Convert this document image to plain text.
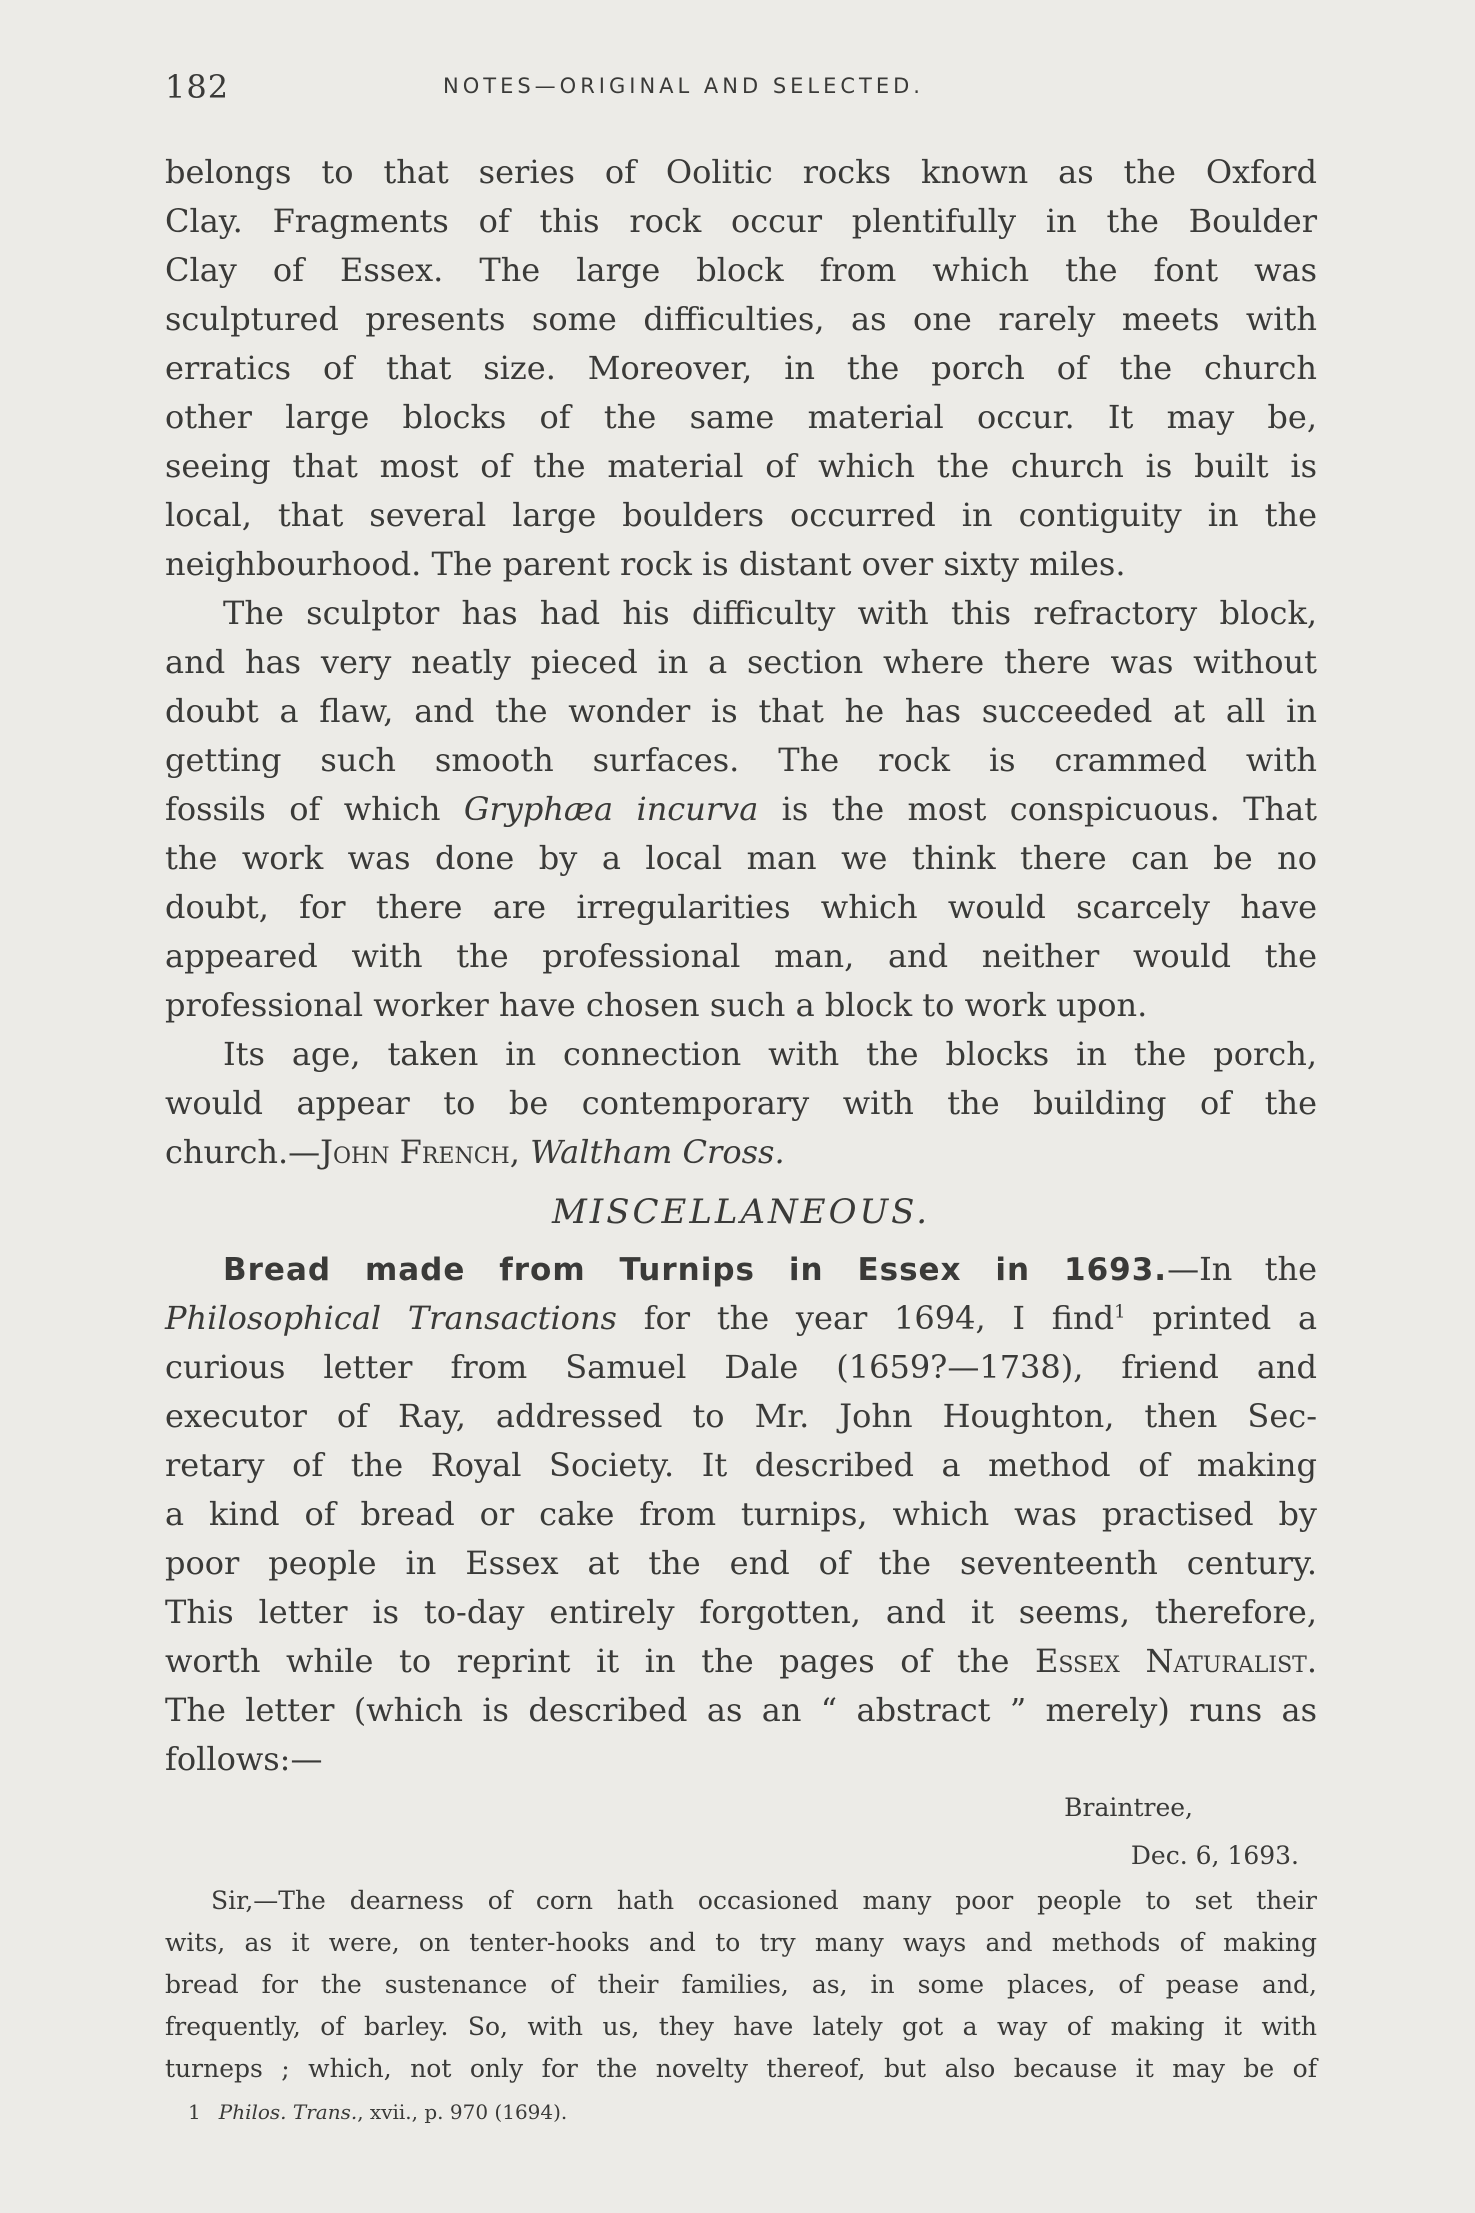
182	NOTES—ORIGINAL AND SELECTED.
belongs to that series of Oolitic rocks known as the Oxford
Clay. Fragments of this rock occur plentifully in the Boulder
Clay of Essex. The large block from which the font was
sculptured presents some difficulties, as one rarely meets with
erratics of that size. Moreover, in the porch of the church
other large blocks of the same material occur. It may be,
seeing that most of the material of which the church is built is
local, that several large boulders occurred in contiguity in the
neighbourhood. The parent rock is distant over sixty miles.
The sculptor has had his difficulty with this refractory block,
and has very neatly pieced in a section where there was without
doubt a flaw, and the wonder is that he has succeeded at all in
getting such smooth surfaces. The rock is crammed with
fossils of which Gryphæa incurva is the most conspicuous. That
the work was done by a local man we think there can be no
doubt, for there are irregularities which would scarcely have
appeared with the professional man, and neither would the
professional worker have chosen such a block to work upon.
Its age, taken in connection with the blocks in the porch,
would appear to be contemporary with the building of the
church.—John French, Waltham Cross.
MISCELLANEOUS.
Bread made from Turnips in Essex in 1693.—In the
Philosophical Transactions for the year 1694, I find$^1$ printed a
curious letter from Samuel Dale (1659?—1738), friend and
executor of Ray, addressed to Mr. John Houghton, then Sec-
retary of the Royal Society. It described a method of making
a kind of bread or cake from turnips, which was practised by
poor people in Essex at the end of the seventeenth century.
This letter is to-day entirely forgotten, and it seems, therefore,
worth while to reprint it in the pages of the Essex Naturalist.
The letter (which is described as an “ abstract ” merely) runs as
follows:—
Braintree,
Dec. 6, 1693.
Sir,—The dearness of corn hath occasioned many poor people to set their
wits, as it were, on tenter-hooks and to try many ways and methods of making
bread for the sustenance of their families, as, in some places, of pease and,
frequently, of barley. So, with us, they have lately got a way of making it with
turneps ; which, not only for the novelty thereof, but also because it may be of
1 Philos. Trans., xvii., p. 970 (1694).
